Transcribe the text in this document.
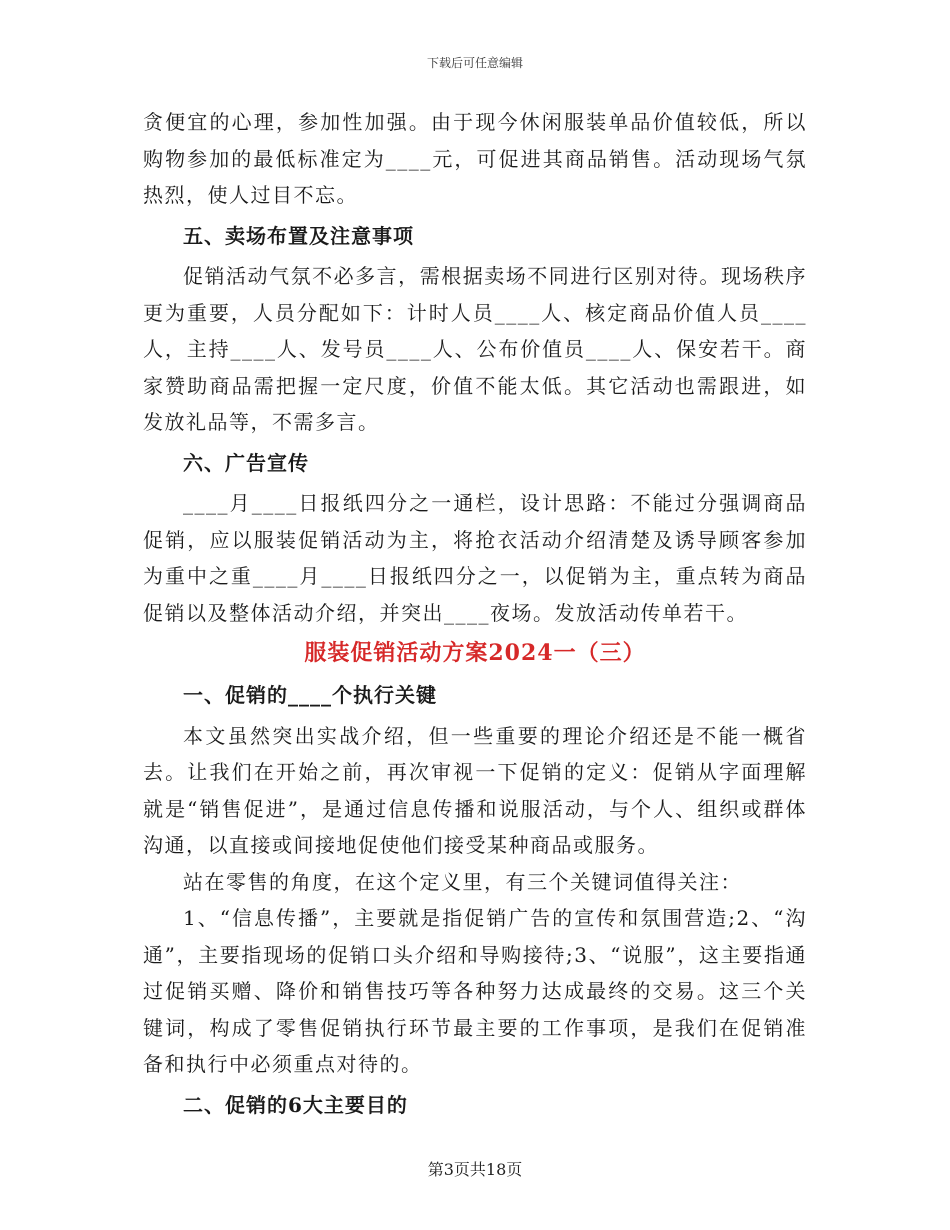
下载后可任意编辑

贪便宜的心理，参加性加强。由于现今休闲服装单品价值较低，所以购物参加的最低标准定为____元，可促进其商品销售。活动现场气氛热烈，使人过目不忘。

五、卖场布置及注意事项

促销活动气氛不必多言，需根据卖场不同进行区别对待。现场秩序更为重要，人员分配如下：计时人员____人、核定商品价值人员____人，主持____人、发号员____人、公布价值员____人、保安若干。商家赞助商品需把握一定尺度，价值不能太低。其它活动也需跟进，如发放礼品等，不需多言。

六、广告宣传

____月____日报纸四分之一通栏，设计思路：不能过分强调商品促销，应以服装促销活动为主，将抢衣活动介绍清楚及诱导顾客参加为重中之重____月____日报纸四分之一，以促销为主，重点转为商品促销以及整体活动介绍，并突出____夜场。发放活动传单若干。

服装促销活动方案2024一（三）
一、促销的____个执行关键

本文虽然突出实战介绍，但一些重要的理论介绍还是不能一概省去。让我们在开始之前，再次审视一下促销的定义：促销从字面理解就是“销售促进”，是通过信息传播和说服活动，与个人、组织或群体沟通，以直接或间接地促使他们接受某种商品或服务。

站在零售的角度，在这个定义里，有三个关键词值得关注：

1、“信息传播”，主要就是指促销广告的宣传和氛围营造;2、“沟通”，主要指现场的促销口头介绍和导购接待;3、“说服”，这主要指通过促销买赠、降价和销售技巧等各种努力达成最终的交易。这三个关键词，构成了零售促销执行环节最主要的工作事项，是我们在促销准备和执行中必须重点对待的。

二、促销的6大主要目的
第3页共18页
